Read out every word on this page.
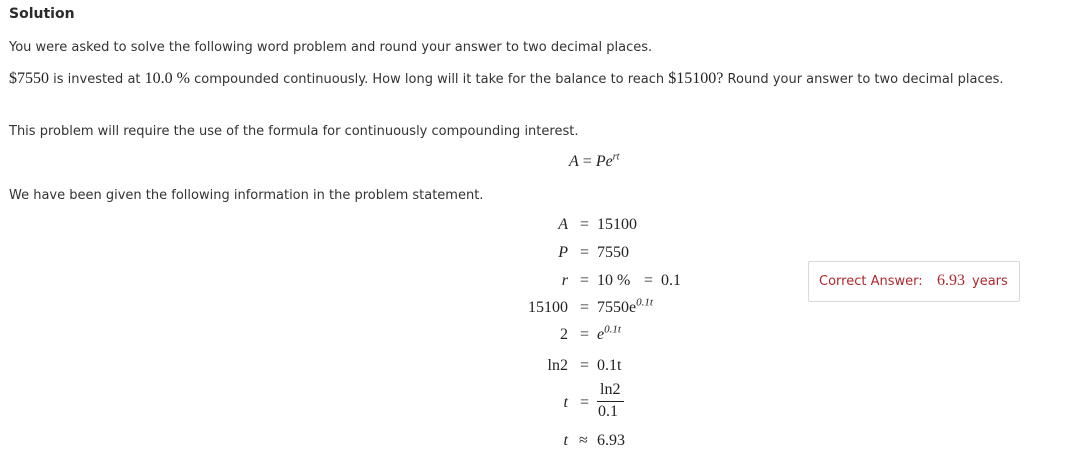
Solution
You were asked to solve the following word problem and round your answer to two decimal places.
$7550 is invested at 10.0 % compounded continuously. How long will it take for the balance to reach $15100? Round your answer to two decimal places.
This problem will require the use of the formula for continuously compounding interest.
$A = Pe^{rt}$
We have been given the following information in the problem statement.
A = 15100
P = 7550
r = 10 % = 0.1
$15100 = 7550e^{0.1t}$
$2 = e^{0.1t}$
ln2 = 0.1t
t =
ln2
0.1
t ≈ 6.93
Correct Answer: 6.93 years
